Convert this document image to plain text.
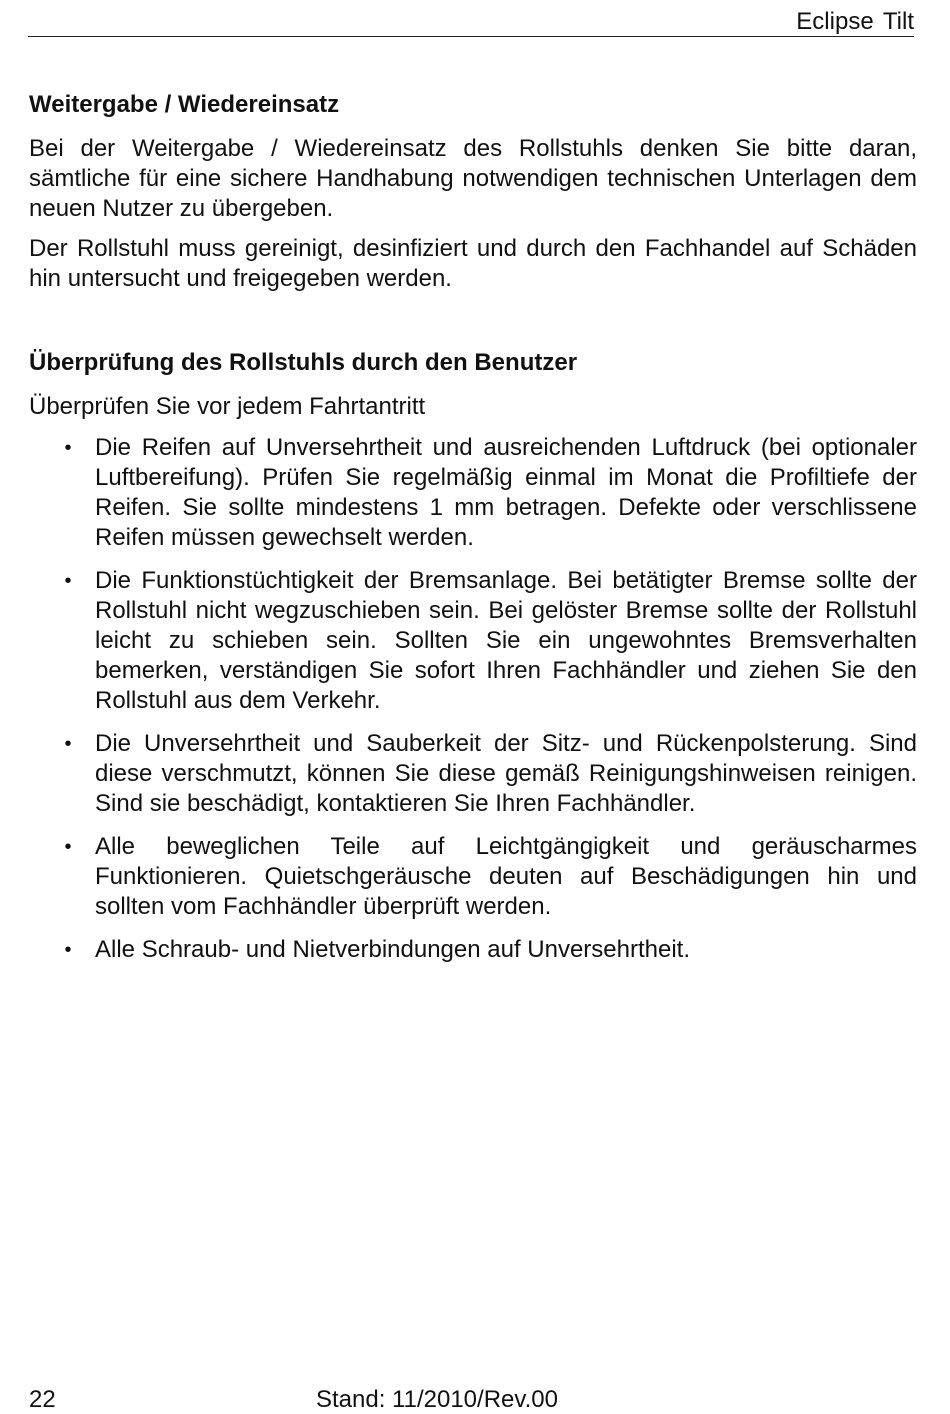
Eclipse Tilt
Weitergabe / Wiedereinsatz

Bei der Weitergabe / Wiedereinsatz des Rollstuhls denken Sie bitte daran, sämtliche für eine sichere Handhabung notwendigen technischen Unterlagen dem neuen Nutzer zu übergeben.

Der Rollstuhl muss gereinigt, desinfiziert und durch den Fachhandel auf Schäden hin untersucht und freigegeben werden.

Überprüfung des Rollstuhls durch den Benutzer

Überprüfen Sie vor jedem Fahrtantritt

• Die Reifen auf Unversehrtheit und ausreichenden Luftdruck (bei optionaler Luftbereifung). Prüfen Sie regelmäßig einmal im Monat die Profiltiefe der Reifen. Sie sollte mindestens 1 mm betragen. Defekte oder verschlissene Reifen müssen gewechselt werden.
• Die Funktionstüchtigkeit der Bremsanlage. Bei betätigter Bremse sollte der Rollstuhl nicht wegzuschieben sein. Bei gelöster Bremse sollte der Rollstuhl leicht zu schieben sein. Sollten Sie ein ungewohntes Bremsverhalten bemerken, verständigen Sie sofort Ihren Fachhändler und ziehen Sie den Rollstuhl aus dem Verkehr.
• Die Unversehrtheit und Sauberkeit der Sitz- und Rückenpolsterung. Sind diese verschmutzt, können Sie diese gemäß Reinigungshinweisen reinigen. Sind sie beschädigt, kontaktieren Sie Ihren Fachhändler.
• Alle beweglichen Teile auf Leichtgängigkeit und geräuscharmes Funktionieren. Quietschgeräusche deuten auf Beschädigungen hin und sollten vom Fachhändler überprüft werden.
• Alle Schraub- und Nietverbindungen auf Unversehrtheit.
22	Stand: 11/2010/Rev.00
